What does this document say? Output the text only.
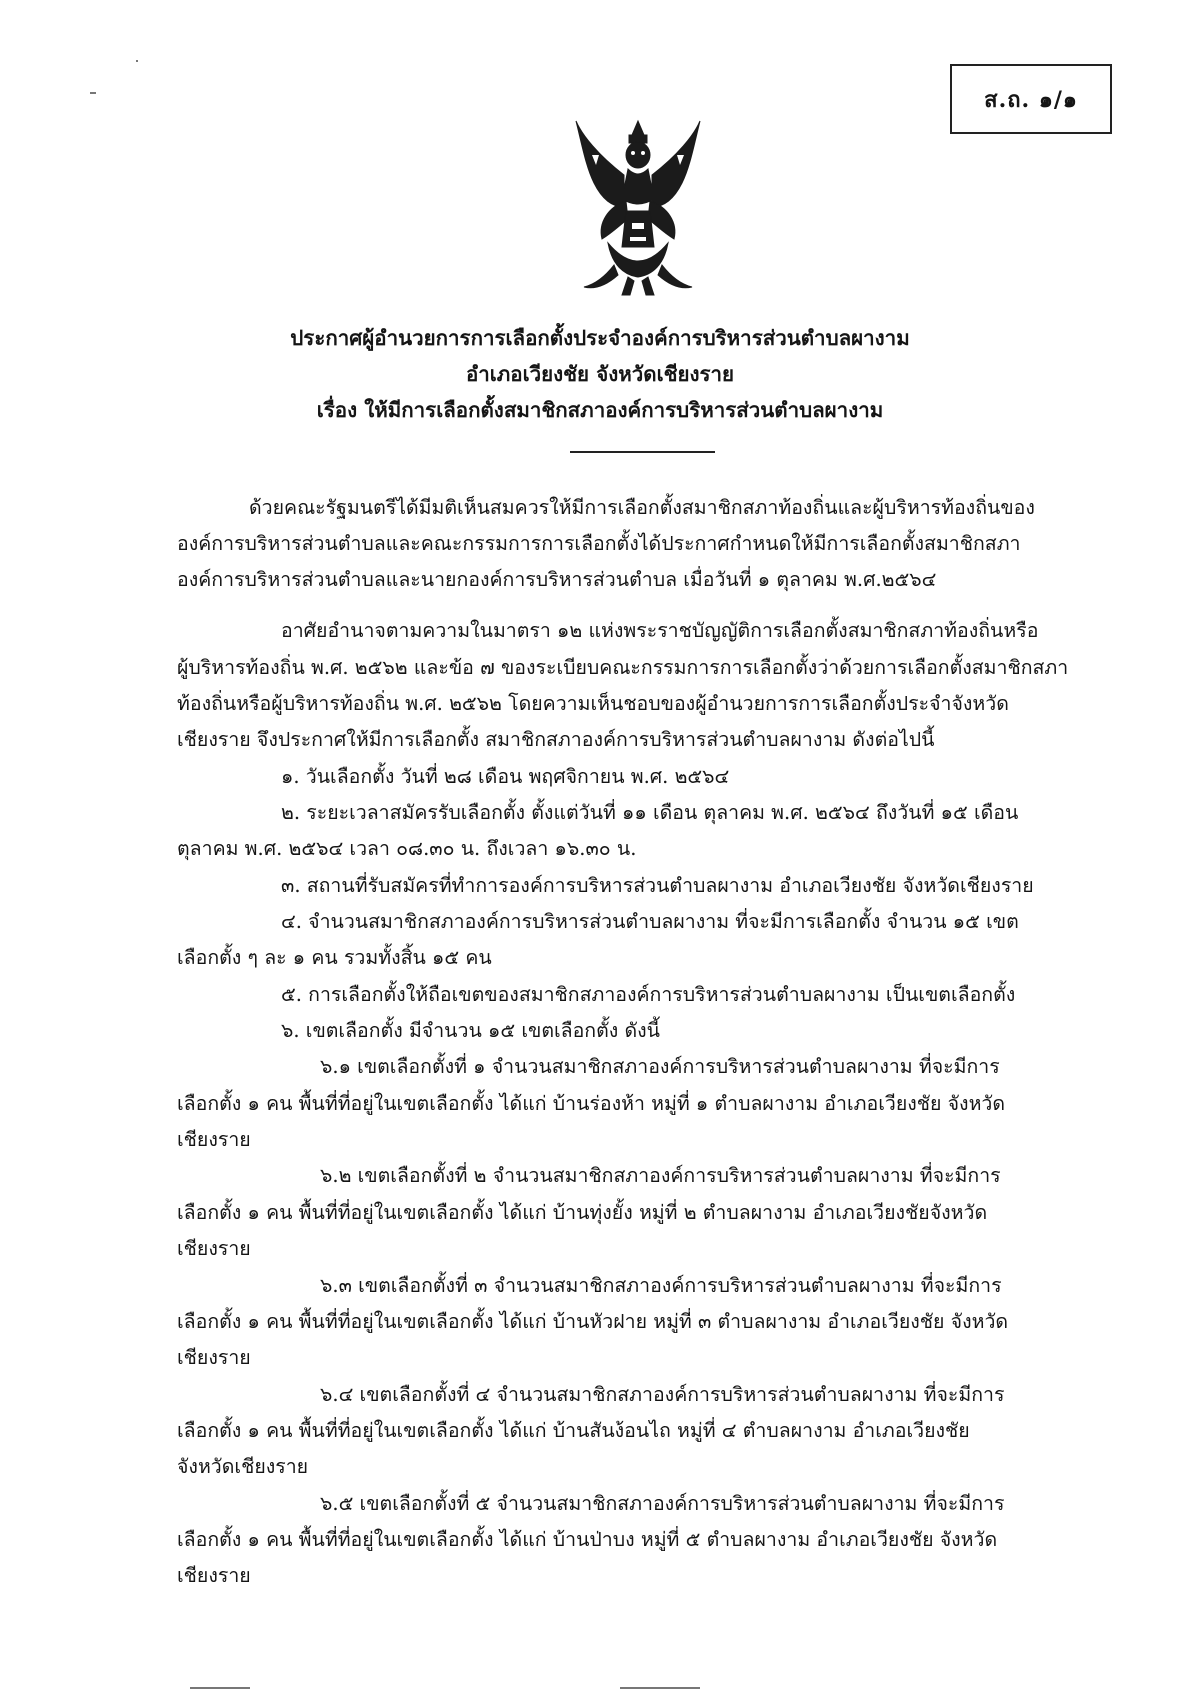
ส.ถ. ๑/๑
ประกาศผู้อำนวยการการเลือกตั้งประจำองค์การบริหารส่วนตำบลผางาม
อำเภอเวียงชัย จังหวัดเชียงราย
เรื่อง ให้มีการเลือกตั้งสมาชิกสภาองค์การบริหารส่วนตำบลผางาม
ด้วยคณะรัฐมนตรีได้มีมติเห็นสมควรให้มีการเลือกตั้งสมาชิกสภาท้องถิ่นและผู้บริหารท้องถิ่นของ
องค์การบริหารส่วนตำบลและคณะกรรมการการเลือกตั้งได้ประกาศกำหนดให้มีการเลือกตั้งสมาชิกสภา
องค์การบริหารส่วนตำบลและนายกองค์การบริหารส่วนตำบล เมื่อวันที่ ๑ ตุลาคม พ.ศ.๒๕๖๔
อาศัยอำนาจตามความในมาตรา ๑๒ แห่งพระราชบัญญัติการเลือกตั้งสมาชิกสภาท้องถิ่นหรือ
ผู้บริหารท้องถิ่น พ.ศ. ๒๕๖๒ และข้อ ๗ ของระเบียบคณะกรรมการการเลือกตั้งว่าด้วยการเลือกตั้งสมาชิกสภา
ท้องถิ่นหรือผู้บริหารท้องถิ่น พ.ศ. ๒๕๖๒ โดยความเห็นชอบของผู้อำนวยการการเลือกตั้งประจำจังหวัด
เชียงราย จึงประกาศให้มีการเลือกตั้ง สมาชิกสภาองค์การบริหารส่วนตำบลผางาม ดังต่อไปนี้
๑. วันเลือกตั้ง วันที่ ๒๘ เดือน พฤศจิกายน พ.ศ. ๒๕๖๔
๒. ระยะเวลาสมัครรับเลือกตั้ง ตั้งแต่วันที่ ๑๑ เดือน ตุลาคม พ.ศ. ๒๕๖๔ ถึงวันที่ ๑๕ เดือน
ตุลาคม พ.ศ. ๒๕๖๔ เวลา ๐๘.๓๐ น. ถึงเวลา ๑๖.๓๐ น.
๓. สถานที่รับสมัครที่ทำการองค์การบริหารส่วนตำบลผางาม อำเภอเวียงชัย จังหวัดเชียงราย
๔. จำนวนสมาชิกสภาองค์การบริหารส่วนตำบลผางาม ที่จะมีการเลือกตั้ง จำนวน ๑๕ เขต
เลือกตั้ง ๆ ละ ๑ คน รวมทั้งสิ้น ๑๕ คน
๕. การเลือกตั้งให้ถือเขตของสมาชิกสภาองค์การบริหารส่วนตำบลผางาม เป็นเขตเลือกตั้ง
๖. เขตเลือกตั้ง มีจำนวน ๑๕ เขตเลือกตั้ง ดังนี้
๖.๑ เขตเลือกตั้งที่ ๑ จำนวนสมาชิกสภาองค์การบริหารส่วนตำบลผางาม ที่จะมีการ
เลือกตั้ง ๑ คน พื้นที่ที่อยู่ในเขตเลือกตั้ง ได้แก่ บ้านร่องห้า หมู่ที่ ๑ ตำบลผางาม อำเภอเวียงชัย จังหวัด
เชียงราย
๖.๒ เขตเลือกตั้งที่ ๒ จำนวนสมาชิกสภาองค์การบริหารส่วนตำบลผางาม ที่จะมีการ
เลือกตั้ง ๑ คน พื้นที่ที่อยู่ในเขตเลือกตั้ง ได้แก่ บ้านทุ่งยั้ง หมู่ที่ ๒ ตำบลผางาม อำเภอเวียงชัยจังหวัด
เชียงราย
๖.๓ เขตเลือกตั้งที่ ๓ จำนวนสมาชิกสภาองค์การบริหารส่วนตำบลผางาม ที่จะมีการ
เลือกตั้ง ๑ คน พื้นที่ที่อยู่ในเขตเลือกตั้ง ได้แก่ บ้านหัวฝาย หมู่ที่ ๓ ตำบลผางาม อำเภอเวียงชัย จังหวัด
เชียงราย
๖.๔ เขตเลือกตั้งที่ ๔ จำนวนสมาชิกสภาองค์การบริหารส่วนตำบลผางาม ที่จะมีการ
เลือกตั้ง ๑ คน พื้นที่ที่อยู่ในเขตเลือกตั้ง ได้แก่ บ้านสันง้อนไถ หมู่ที่ ๔ ตำบลผางาม อำเภอเวียงชัย
จังหวัดเชียงราย
๖.๕ เขตเลือกตั้งที่ ๕ จำนวนสมาชิกสภาองค์การบริหารส่วนตำบลผางาม ที่จะมีการ
เลือกตั้ง ๑ คน พื้นที่ที่อยู่ในเขตเลือกตั้ง ได้แก่ บ้านป่าบง หมู่ที่ ๕ ตำบลผางาม อำเภอเวียงชัย จังหวัด
เชียงราย
